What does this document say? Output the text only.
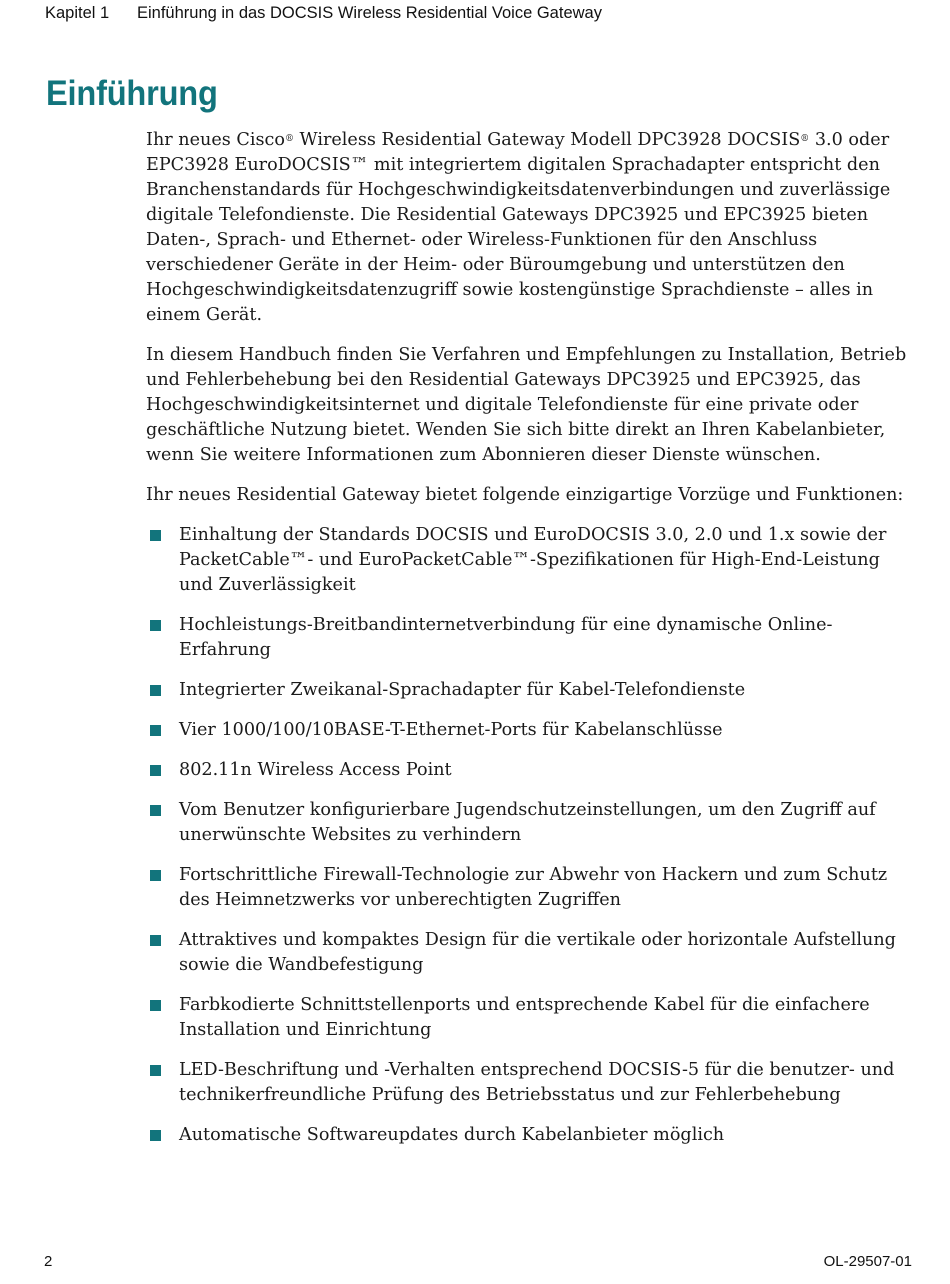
Kapitel 1 Einführung in das DOCSIS Wireless Residential Voice Gateway
Einführung

Ihr neues Cisco® Wireless Residential Gateway Modell DPC3928 DOCSIS® 3.0 oder EPC3928 EuroDOCSIS™ mit integriertem digitalen Sprachadapter entspricht den Branchenstandards für Hochgeschwindigkeitsdatenverbindungen und zuverlässige digitale Telefondienste. Die Residential Gateways DPC3925 und EPC3925 bieten Daten-, Sprach- und Ethernet- oder Wireless-Funktionen für den Anschluss verschiedener Geräte in der Heim- oder Büroumgebung und unterstützen den Hochgeschwindigkeitsdatenzugriff sowie kostengünstige Sprachdienste – alles in einem Gerät.

In diesem Handbuch finden Sie Verfahren und Empfehlungen zu Installation, Betrieb und Fehlerbehebung bei den Residential Gateways DPC3925 und EPC3925, das Hochgeschwindigkeitsinternet und digitale Telefondienste für eine private oder geschäftliche Nutzung bietet. Wenden Sie sich bitte direkt an Ihren Kabelanbieter, wenn Sie weitere Informationen zum Abonnieren dieser Dienste wünschen.

Ihr neues Residential Gateway bietet folgende einzigartige Vorzüge und Funktionen:

Einhaltung der Standards DOCSIS und EuroDOCSIS 3.0, 2.0 und 1.x sowie der PacketCable™- und EuroPacketCable™-Spezifikationen für High-End-Leistung und Zuverlässigkeit
Hochleistungs-Breitbandinternetverbindung für eine dynamische Online-Erfahrung
Integrierter Zweikanal-Sprachadapter für Kabel-Telefondienste
Vier 1000/100/10BASE-T-Ethernet-Ports für Kabelanschlüsse
802.11n Wireless Access Point
Vom Benutzer konfigurierbare Jugendschutzeinstellungen, um den Zugriff auf unerwünschte Websites zu verhindern
Fortschrittliche Firewall-Technologie zur Abwehr von Hackern und zum Schutz des Heimnetzwerks vor unberechtigten Zugriffen
Attraktives und kompaktes Design für die vertikale oder horizontale Aufstellung sowie die Wandbefestigung
Farbkodierte Schnittstellenports und entsprechende Kabel für die einfachere Installation und Einrichtung
LED-Beschriftung und -Verhalten entsprechend DOCSIS-5 für die benutzer- und technikerfreundliche Prüfung des Betriebsstatus und zur Fehlerbehebung
Automatische Softwareupdates durch Kabelanbieter möglich
2	OL-29507-01
